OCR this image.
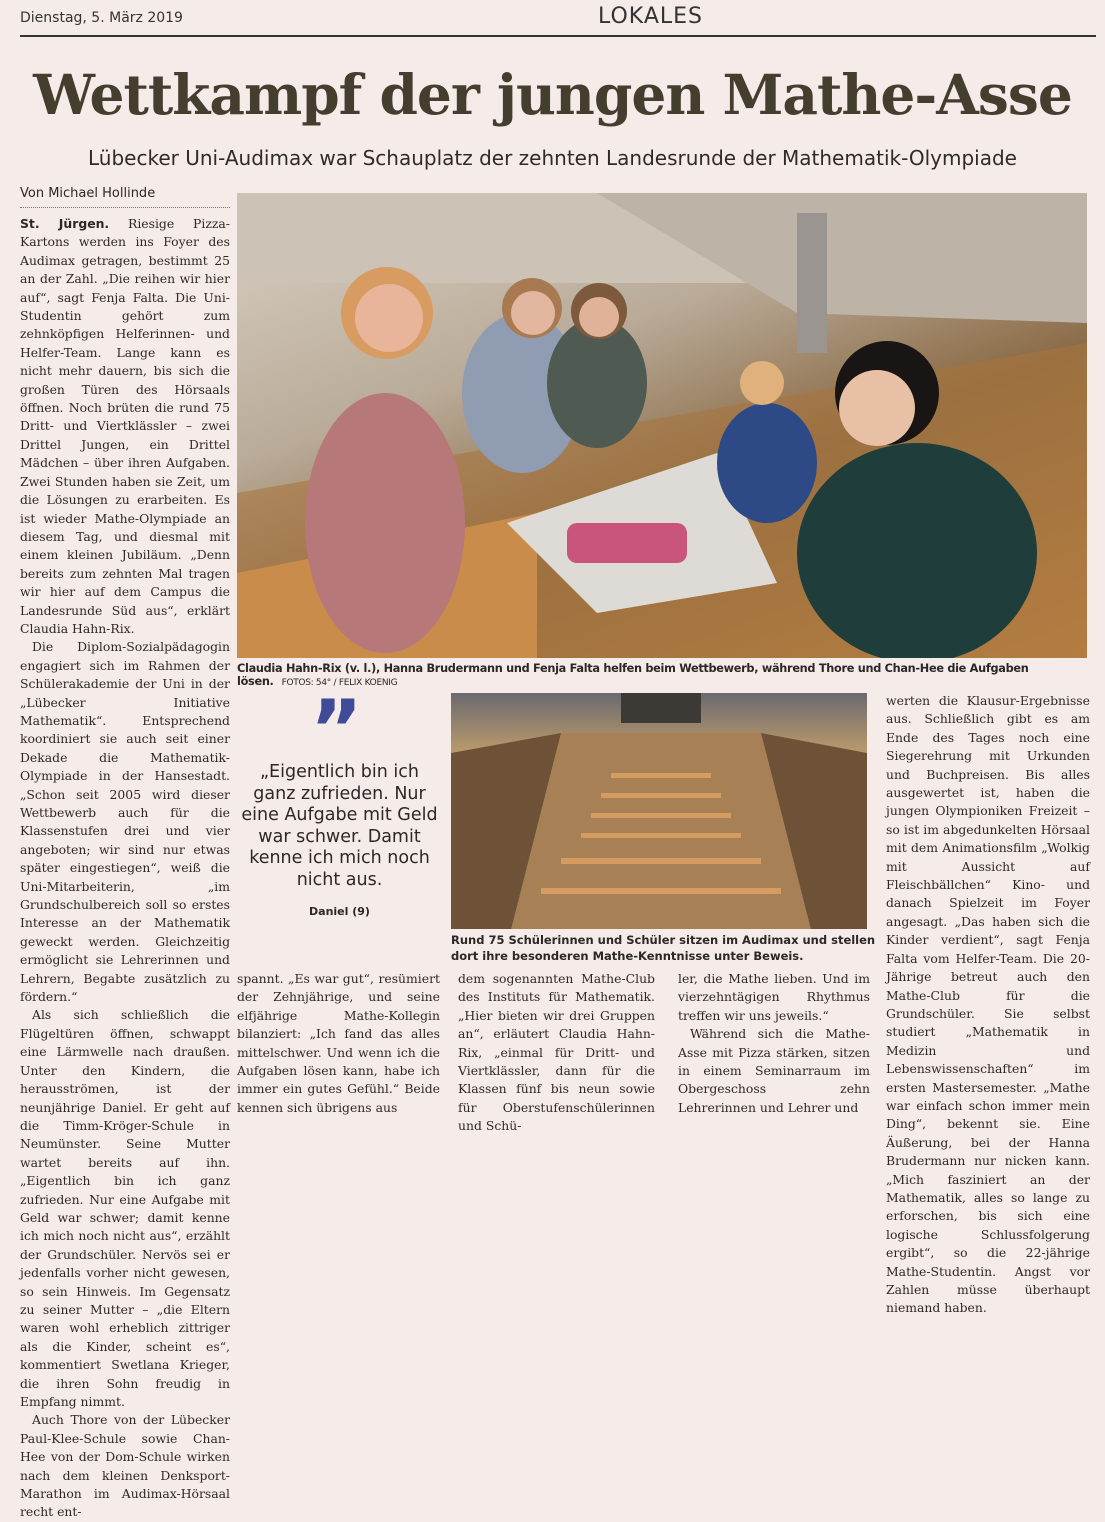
Dienstag, 5. März 2019	LOKALES
Wettkampf der jungen Mathe-Asse
Lübecker Uni-Audimax war Schauplatz der zehnten Landesrunde der Mathematik-Olympiade
Von Michael Hollinde

St. Jürgen. Riesige Pizza-Kartons werden ins Foyer des Audimax getragen, bestimmt 25 an der Zahl. „Die reihen wir hier auf“, sagt Fenja Falta. Die Uni-Studentin gehört zum zehnköpfigen Helferinnen- und Helfer-Team. Lange kann es nicht mehr dauern, bis sich die großen Türen des Hörsaals öffnen. Noch brüten die rund 75 Dritt- und Viertklässler – zwei Drittel Jungen, ein Drittel Mädchen – über ihren Aufgaben. Zwei Stunden haben sie Zeit, um die Lösungen zu erarbeiten. Es ist wieder Mathe-Olympiade an diesem Tag, und diesmal mit einem kleinen Jubiläum. „Denn bereits zum zehnten Mal tragen wir hier auf dem Campus die Landesrunde Süd aus“, erklärt Claudia Hahn-Rix.

Die Diplom-Sozialpädagogin engagiert sich im Rahmen der Schülerakademie der Uni in der „Lübecker Initiative Mathematik“. Entsprechend koordiniert sie auch seit einer Dekade die Mathematik-Olympiade in der Hansestadt. „Schon seit 2005 wird dieser Wettbewerb auch für die Klassenstufen drei und vier angeboten; wir sind nur etwas später eingestiegen“, weiß die Uni-Mitarbeiterin, „im Grundschulbereich soll so erstes Interesse an der Mathematik geweckt werden. Gleichzeitig ermöglicht sie Lehrerinnen und Lehrern, Begabte zusätzlich zu fördern.“

Als sich schließlich die Flügeltüren öffnen, schwappt eine Lärmwelle nach draußen. Unter den Kindern, die herausströmen, ist der neunjährige Daniel. Er geht auf die Timm-Kröger-Schule in Neumünster. Seine Mutter wartet bereits auf ihn. „Eigentlich bin ich ganz zufrieden. Nur eine Aufgabe mit Geld war schwer; damit kenne ich mich noch nicht aus“, erzählt der Grundschüler. Nervös sei er jedenfalls vorher nicht gewesen, so sein Hinweis. Im Gegensatz zu seiner Mutter – „die Eltern waren wohl erheblich zittriger als die Kinder, scheint es“, kommentiert Swetlana Krieger, die ihren Sohn freudig in Empfang nimmt.

Auch Thore von der Lübecker Paul-Klee-Schule sowie Chan-Hee von der Dom-Schule wirken nach dem kleinen Denksport-Marathon im Audimax-Hörsaal recht ent-

Claudia Hahn-Rix (v. l.), Hanna Brudermann und Fenja Falta helfen beim Wettbewerb, während Thore und Chan-Hee die Aufgaben lösen. FOTOS: 54° / FELIX KOENIG
”
„Eigentlich bin ich ganz zufrieden. Nur eine Aufgabe mit Geld war schwer. Damit kenne ich mich noch nicht aus.
Daniel (9)
Rund 75 Schülerinnen und Schüler sitzen im Audimax und stellen dort ihre besonderen Mathe-Kenntnisse unter Beweis.

spannt. „Es war gut“, resümiert der Zehnjährige, und seine elfjährige Mathe-Kollegin bilanziert: „Ich fand das alles mittelschwer. Und wenn ich die Aufgaben lösen kann, habe ich immer ein gutes Gefühl.“ Beide kennen sich übrigens aus

dem sogenannten Mathe-Club des Instituts für Mathematik. „Hier bieten wir drei Gruppen an“, erläutert Claudia Hahn-Rix, „einmal für Dritt- und Viertklässler, dann für die Klassen fünf bis neun sowie für Oberstufenschülerinnen und Schü-

ler, die Mathe lieben. Und im vierzehntägigen Rhythmus treffen wir uns jeweils.“

Während sich die Mathe-Asse mit Pizza stärken, sitzen in einem Seminarraum im Obergeschoss zehn Lehrerinnen und Lehrer und

werten die Klausur-Ergebnisse aus. Schließlich gibt es am Ende des Tages noch eine Siegerehrung mit Urkunden und Buchpreisen. Bis alles ausgewertet ist, haben die jungen Olympioniken Freizeit – so ist im abgedunkelten Hörsaal mit dem Animationsfilm „Wolkig mit Aussicht auf Fleischbällchen“ Kino- und danach Spielzeit im Foyer angesagt. „Das haben sich die Kinder verdient“, sagt Fenja Falta vom Helfer-Team. Die 20-Jährige betreut auch den Mathe-Club für die Grundschüler. Sie selbst studiert „Mathematik in Medizin und Lebenswissenschaften“ im ersten Mastersemester. „Mathe war einfach schon immer mein Ding“, bekennt sie. Eine Äußerung, bei der Hanna Brudermann nur nicken kann. „Mich fasziniert an der Mathematik, alles so lange zu erforschen, bis sich eine logische Schlussfolgerung ergibt“, so die 22-jährige Mathe-Studentin. Angst vor Zahlen müsse überhaupt niemand haben.
